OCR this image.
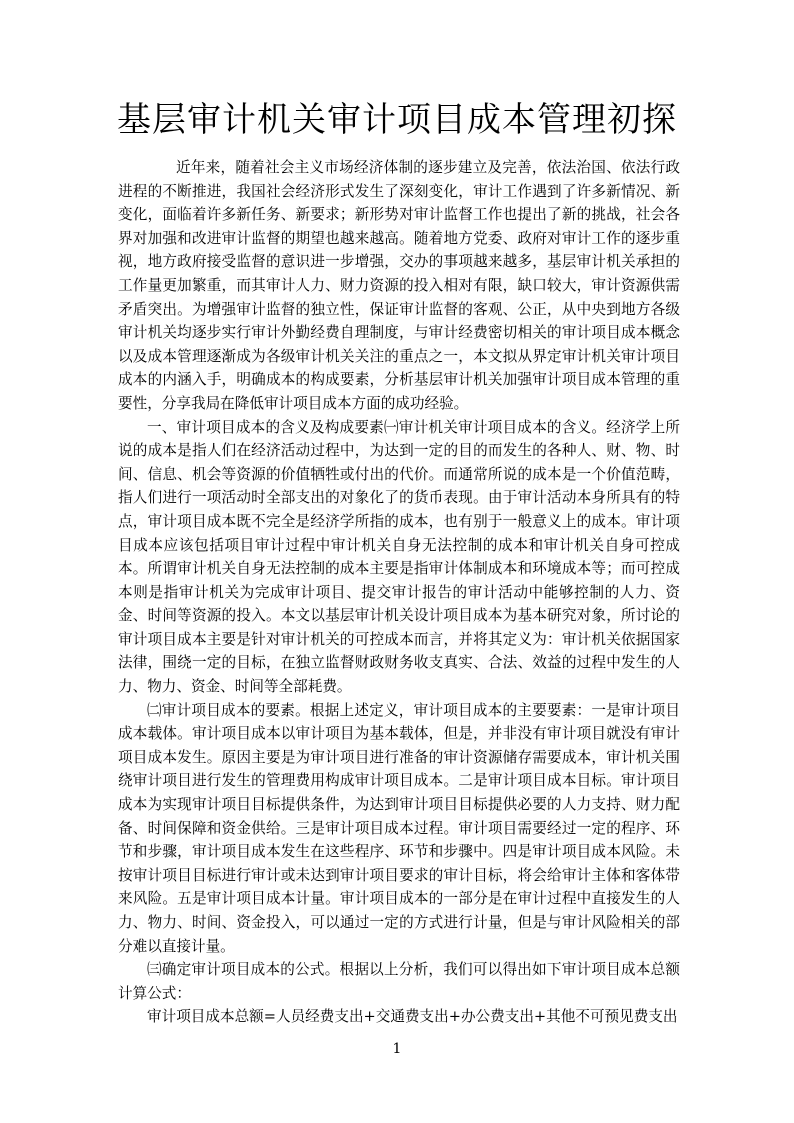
基层审计机关审计项目成本管理初探

近年来，随着社会主义市场经济体制的逐步建立及完善，依法治国、依法行政进程的不断推进，我国社会经济形式发生了深刻变化，审计工作遇到了许多新情况、新变化，面临着许多新任务、新要求；新形势对审计监督工作也提出了新的挑战，社会各界对加强和改进审计监督的期望也越来越高。随着地方党委、政府对审计工作的逐步重视，地方政府接受监督的意识进一步增强，交办的事项越来越多，基层审计机关承担的工作量更加繁重，而其审计人力、财力资源的投入相对有限，缺口较大，审计资源供需矛盾突出。为增强审计监督的独立性，保证审计监督的客观、公正，从中央到地方各级审计机关均逐步实行审计外勤经费自理制度，与审计经费密切相关的审计项目成本概念以及成本管理逐渐成为各级审计机关关注的重点之一，本文拟从界定审计机关审计项目成本的内涵入手，明确成本的构成要素，分析基层审计机关加强审计项目成本管理的重要性，分享我局在降低审计项目成本方面的成功经验。

一、审计项目成本的含义及构成要素㈠审计机关审计项目成本的含义。经济学上所说的成本是指人们在经济活动过程中，为达到一定的目的而发生的各种人、财、物、时间、信息、机会等资源的价值牺牲或付出的代价。而通常所说的成本是一个价值范畴，指人们进行一项活动时全部支出的对象化了的货币表现。由于审计活动本身所具有的特点，审计项目成本既不完全是经济学所指的成本，也有别于一般意义上的成本。审计项目成本应该包括项目审计过程中审计机关自身无法控制的成本和审计机关自身可控成本。所谓审计机关自身无法控制的成本主要是指审计体制成本和环境成本等；而可控成本则是指审计机关为完成审计项目、提交审计报告的审计活动中能够控制的人力、资金、时间等资源的投入。本文以基层审计机关设计项目成本为基本研究对象，所讨论的审计项目成本主要是针对审计机关的可控成本而言，并将其定义为：审计机关依据国家法律，围绕一定的目标，在独立监督财政财务收支真实、合法、效益的过程中发生的人力、物力、资金、时间等全部耗费。

㈡审计项目成本的要素。根据上述定义，审计项目成本的主要要素：一是审计项目成本载体。审计项目成本以审计项目为基本载体，但是，并非没有审计项目就没有审计项目成本发生。原因主要是为审计项目进行准备的审计资源储存需要成本，审计机关围绕审计项目进行发生的管理费用构成审计项目成本。二是审计项目成本目标。审计项目成本为实现审计项目目标提供条件，为达到审计项目目标提供必要的人力支持、财力配备、时间保障和资金供给。三是审计项目成本过程。审计项目需要经过一定的程序、环节和步骤，审计项目成本发生在这些程序、环节和步骤中。四是审计项目成本风险。未按审计项目目标进行审计或未达到审计项目要求的审计目标，将会给审计主体和客体带来风险。五是审计项目成本计量。审计项目成本的一部分是在审计过程中直接发生的人力、物力、时间、资金投入，可以通过一定的方式进行计量，但是与审计风险相关的部分难以直接计量。

㈢确定审计项目成本的公式。根据以上分析，我们可以得出如下审计项目成本总额计算公式：

审计项目成本总额=人员经费支出+交通费支出+办公费支出+其他不可预见费支出

1
